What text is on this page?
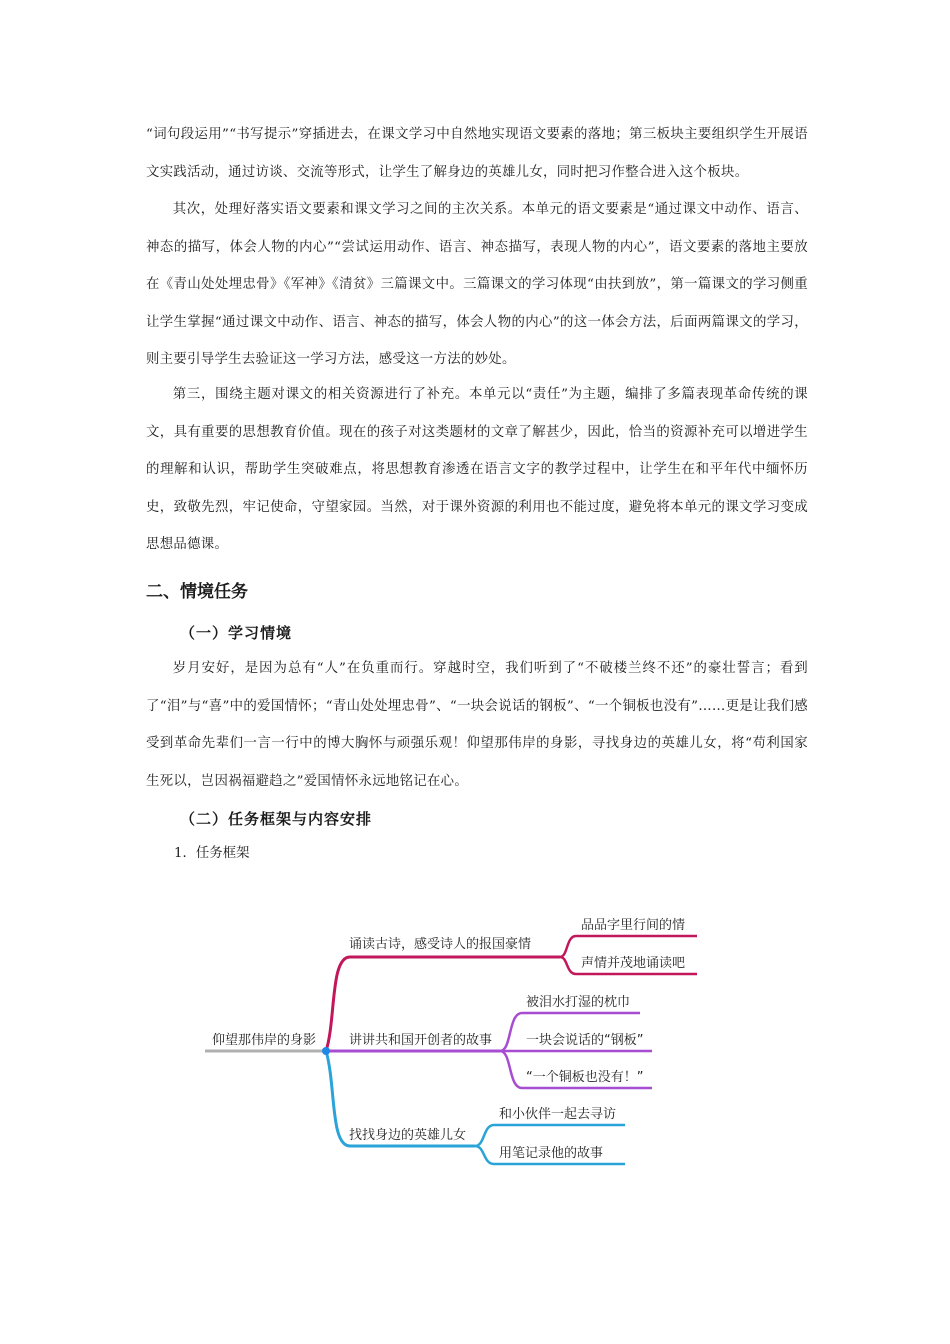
“词句段运用”“书写提示”穿插进去，在课文学习中自然地实现语文要素的落地；第三板块主要组织学生开展语文实践活动，通过访谈、交流等形式，让学生了解身边的英雄儿女，同时把习作整合进入这个板块。

其次，处理好落实语文要素和课文学习之间的主次关系。本单元的语文要素是“通过课文中动作、语言、神态的描写，体会人物的内心”“尝试运用动作、语言、神态描写，表现人物的内心”，语文要素的落地主要放在《青山处处埋忠骨》《军神》《清贫》三篇课文中。三篇课文的学习体现“由扶到放”，第一篇课文的学习侧重让学生掌握“通过课文中动作、语言、神态的描写，体会人物的内心”的这一体会方法，后面两篇课文的学习，则主要引导学生去验证这一学习方法，感受这一方法的妙处。

第三，围绕主题对课文的相关资源进行了补充。本单元以“责任”为主题，编排了多篇表现革命传统的课文，具有重要的思想教育价值。现在的孩子对这类题材的文章了解甚少，因此，恰当的资源补充可以增进学生的理解和认识，帮助学生突破难点，将思想教育渗透在语言文字的教学过程中，让学生在和平年代中缅怀历史，致敬先烈，牢记使命，守望家园。当然，对于课外资源的利用也不能过度，避免将本单元的课文学习变成思想品德课。

二、情境任务
（一）学习情境

岁月安好，是因为总有“人”在负重而行。穿越时空，我们听到了“不破楼兰终不还”的豪壮誓言；看到了“泪”与“喜”中的爱国情怀；“青山处处埋忠骨”、“一块会说话的钢板”、“一个铜板也没有”……更是让我们感受到革命先辈们一言一行中的博大胸怀与顽强乐观！仰望那伟岸的身影，寻找身边的英雄儿女，将“苟利国家生死以，岂因祸福避趋之”爱国情怀永远地铭记在心。

（二）任务框架与内容安排

1．任务框架

仰望那伟岸的身影
诵读古诗，感受诗人的报国豪情
品品字里行间的情
声情并茂地诵读吧
讲讲共和国开创者的故事
被泪水打湿的枕巾
一块会说话的“钢板”
“一个铜板也没有！”
找找身边的英雄儿女
和小伙伴一起去寻访
用笔记录他的故事
